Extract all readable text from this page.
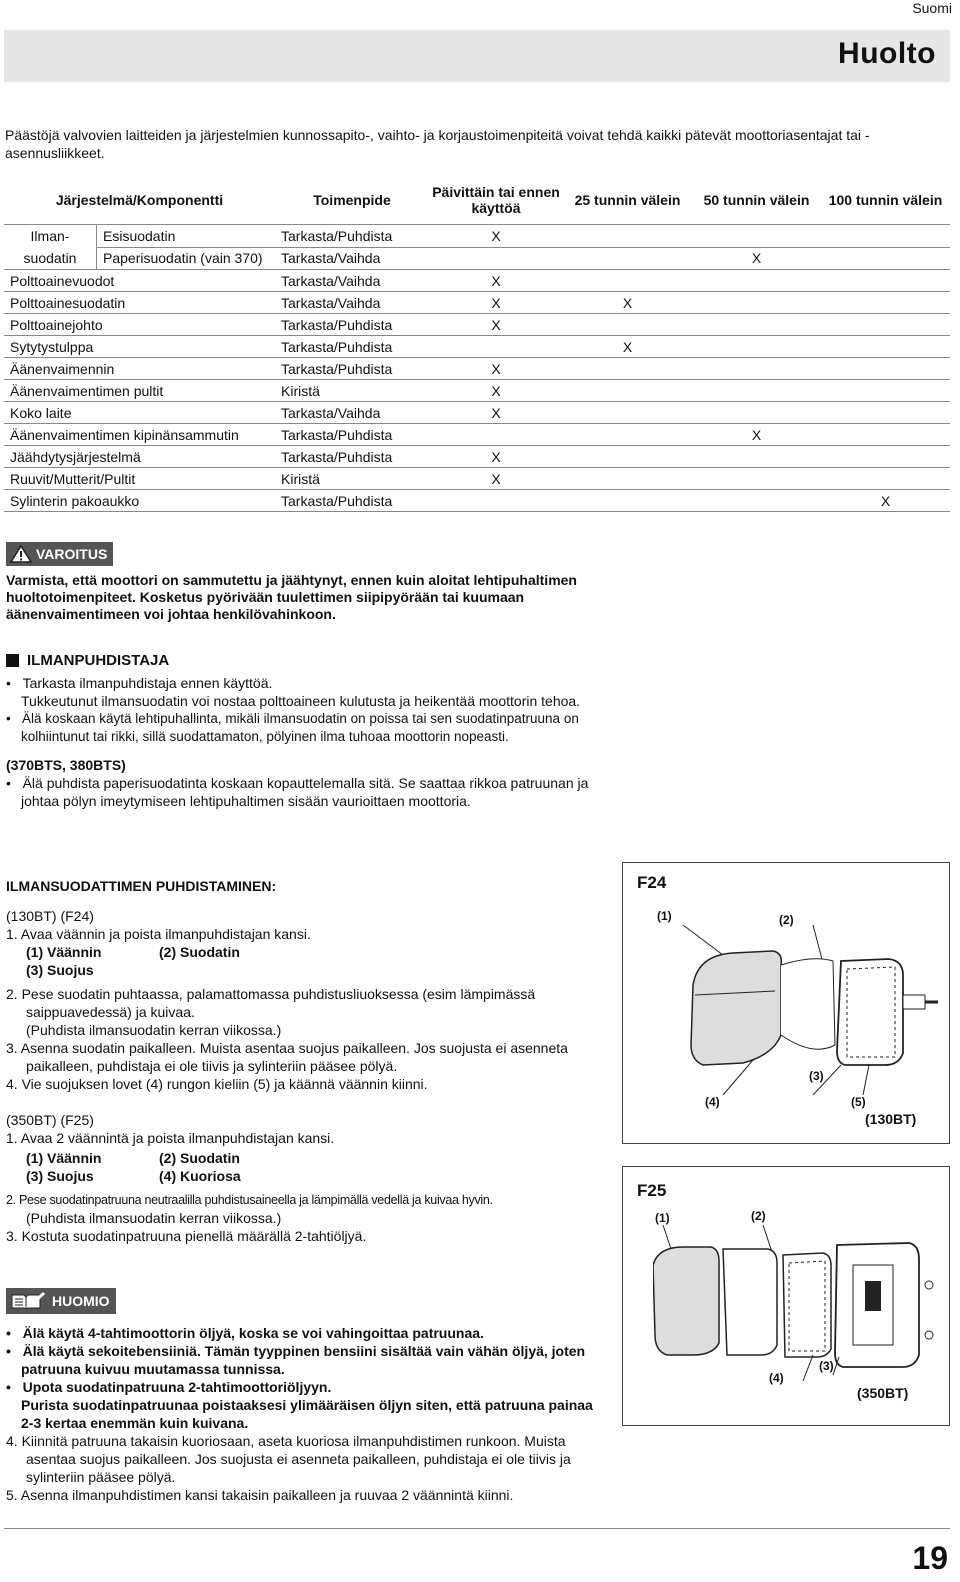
Suomi
Huolto
Päästöjä valvovien laitteiden ja järjestelmien kunnossapito-, vaihto- ja korjaustoimenpiteitä voivat tehdä kaikki pätevät moottoriasentajat tai -asennusliikkeet.
Järjestelmä/Komponentti		Toimenpide	Päivittäin tai ennen käyttöä	25 tunnin välein	50 tunnin välein	100 tunnin välein

Ilman-
suodatin	Esisuodatin	Tarkasta/Puhdista	X			
	Paperisuodatin (vain 370)	Tarkasta/Vaihda			X	
Polttoainevuodot		Tarkasta/Vaihda	X			
Polttoainesuodatin		Tarkasta/Vaihda	X	X		
Polttoainejohto		Tarkasta/Puhdista	X			
Sytytystulppa		Tarkasta/Puhdista		X		
Äänenvaimennin		Tarkasta/Puhdista	X			
Äänenvaimentimen pultit		Kiristä	X			
Koko laite		Tarkasta/Vaihda	X			
Äänenvaimentimen kipinänsammutin		Tarkasta/Puhdista			X	
Jäähdytysjärjestelmä		Tarkasta/Puhdista	X			
Ruuvit/Mutterit/Pultit		Kiristä	X			
Sylinterin pakoaukko		Tarkasta/Puhdista				X
VAROITUS
Varmista, että moottori on sammutettu ja jäähtynyt, ennen kuin aloitat lehtipuhaltimen huoltotoimenpiteet. Kosketus pyörivään tuulettimen siipipyörään tai kuumaan äänenvaimentimeen voi johtaa henkilövahinkoon.
ILMANPUHDISTAJA
•   Tarkasta ilmanpuhdistaja ennen käyttöä.
Tukkeutunut ilmansuodatin voi nostaa polttoaineen kulutusta ja heikentää moottorin tehoa.
•   Älä koskaan käytä lehtipuhallinta, mikäli ilmansuodatin on poissa tai sen suodatinpatruuna on kolhiintunut tai rikki, sillä suodattamaton, pölyinen ilma tuhoaa moottorin nopeasti.
(370BTS, 380BTS)
•   Älä puhdista paperisuodatinta koskaan kopauttelemalla sitä. Se saattaa rikkoa patruunan ja johtaa pölyn imeytymiseen lehtipuhaltimen sisään vaurioittaen moottoria.
ILMANSUODATTIMEN PUHDISTAMINEN:
(130BT) (F24)
1. Avaa väännin ja poista ilmanpuhdistajan kansi.
(1) Väännin	(2) Suodatin
(3) Suojus
2. Pese suodatin puhtaassa, palamattomassa puhdistusliuoksessa (esim lämpimässä saippuavedessä) ja kuivaa.
(Puhdista ilmansuodatin kerran viikossa.)
3. Asenna suodatin paikalleen. Muista asentaa suojus paikalleen. Jos suojusta ei asenneta paikalleen, puhdistaja ei ole tiivis ja sylinteriin pääsee pölyä.
4. Vie suojuksen lovet (4) rungon kieliin (5) ja käännä väännin kiinni.
(350BT) (F25)
1. Avaa 2 väännintä ja poista ilmanpuhdistajan kansi.
(1) Väännin	(2) Suodatin
(3) Suojus	(4) Kuoriosa
2. Pese suodatinpatruuna neutraalilla puhdistusaineella ja lämpimällä vedellä ja kuivaa hyvin.
(Puhdista ilmansuodatin kerran viikossa.)
3. Kostuta suodatinpatruuna pienellä määrällä 2-tahtiöljyä.
HUOMIO
•   Älä käytä 4-tahtimoottorin öljyä, koska se voi vahingoittaa patruunaa.
•   Älä käytä sekoitebensiiniä. Tämän tyyppinen bensiini sisältää vain vähän öljyä, joten patruuna kuivuu muutamassa tunnissa.
•   Upota suodatinpatruuna 2-tahtimoottoriöljyyn.
Purista suodatinpatruunaa poistaaksesi ylimääräisen öljyn siten, että patruuna painaa 2-3 kertaa enemmän kuin kuivana.
4. Kiinnitä patruuna takaisin kuoriosaan, aseta kuoriosa ilmanpuhdistimen runkoon. Muista asentaa suojus paikalleen. Jos suojusta ei asenneta paikalleen, puhdistaja ei ole tiivis ja sylinteriin pääsee pölyä.
5. Asenna ilmanpuhdistimen kansi takaisin paikalleen ja ruuvaa 2 väännintä kiinni.
F24
(1)	(2)
(3)
(4)	(5)
(130BT)
F25
(1)	(2)
(3)
(4)
(350BT)
19
